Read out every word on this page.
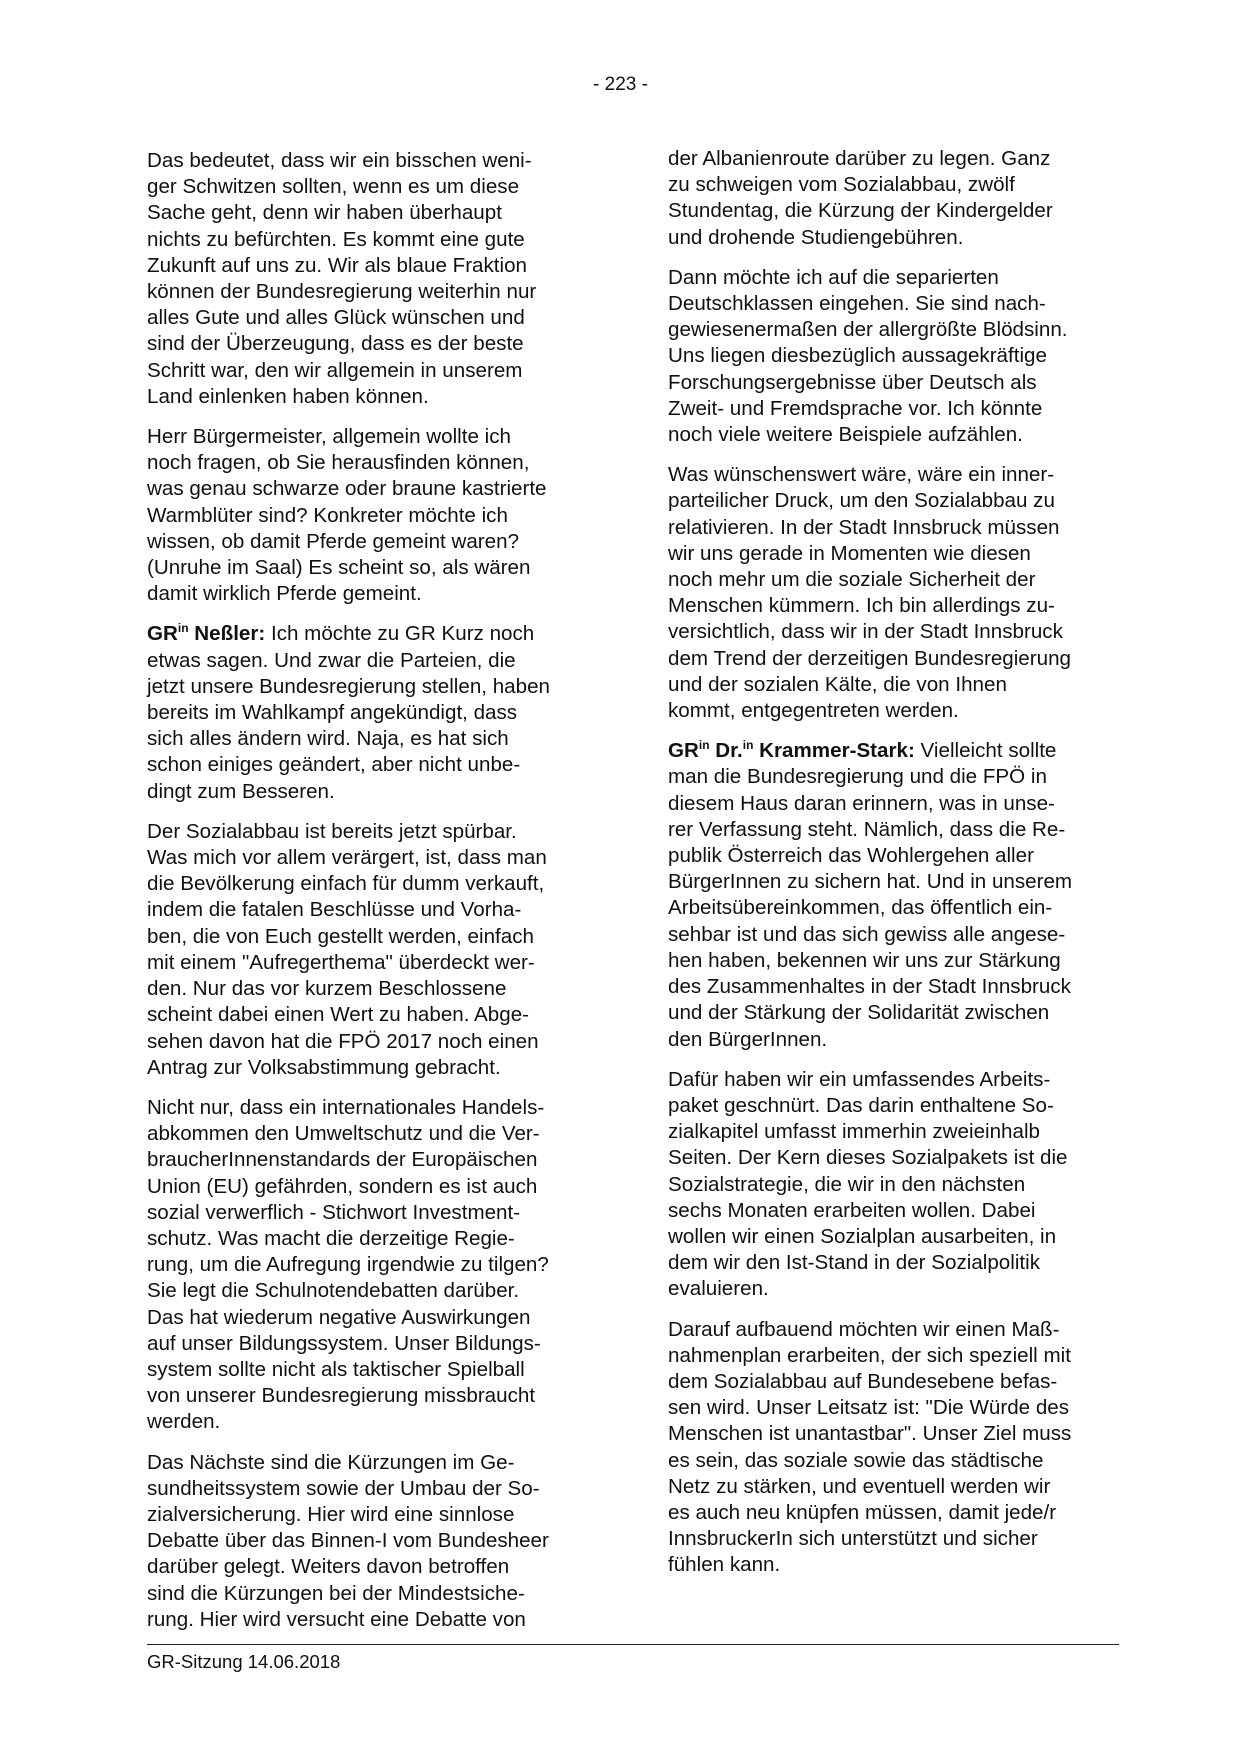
- 223 -

Das bedeutet, dass wir ein bisschen weni-
ger Schwitzen sollten, wenn es um diese
Sache geht, denn wir haben überhaupt
nichts zu befürchten. Es kommt eine gute
Zukunft auf uns zu. Wir als blaue Fraktion
können der Bundesregierung weiterhin nur
alles Gute und alles Glück wünschen und
sind der Überzeugung, dass es der beste
Schritt war, den wir allgemein in unserem
Land einlenken haben können.

Herr Bürgermeister, allgemein wollte ich
noch fragen, ob Sie herausfinden können,
was genau schwarze oder braune kastrierte
Warmblüter sind? Konkreter möchte ich
wissen, ob damit Pferde gemeint waren?
(Unruhe im Saal) Es scheint so, als wären
damit wirklich Pferde gemeint.

$GR^{in}$ Neßler: Ich möchte zu GR Kurz noch
etwas sagen. Und zwar die Parteien, die
jetzt unsere Bundesregierung stellen, haben
bereits im Wahlkampf angekündigt, dass
sich alles ändern wird. Naja, es hat sich
schon einiges geändert, aber nicht unbe-
dingt zum Besseren.

Der Sozialabbau ist bereits jetzt spürbar.
Was mich vor allem verärgert, ist, dass man
die Bevölkerung einfach für dumm verkauft,
indem die fatalen Beschlüsse und Vorha-
ben, die von Euch gestellt werden, einfach
mit einem "Aufregerthema" überdeckt wer-
den. Nur das vor kurzem Beschlossene
scheint dabei einen Wert zu haben. Abge-
sehen davon hat die FPÖ 2017 noch einen
Antrag zur Volksabstimmung gebracht.

Nicht nur, dass ein internationales Handels-
abkommen den Umweltschutz und die Ver-
braucherInnenstandards der Europäischen
Union (EU) gefährden, sondern es ist auch
sozial verwerflich - Stichwort Investment-
schutz. Was macht die derzeitige Regie-
rung, um die Aufregung irgendwie zu tilgen?
Sie legt die Schulnotendebatten darüber.
Das hat wiederum negative Auswirkungen
auf unser Bildungssystem. Unser Bildungs-
system sollte nicht als taktischer Spielball
von unserer Bundesregierung missbraucht
werden.

Das Nächste sind die Kürzungen im Ge-
sundheitssystem sowie der Umbau der So-
zialversicherung. Hier wird eine sinnlose
Debatte über das Binnen-I vom Bundesheer
darüber gelegt. Weiters davon betroffen
sind die Kürzungen bei der Mindestsiche-
rung. Hier wird versucht eine Debatte von

der Albanienroute darüber zu legen. Ganz
zu schweigen vom Sozialabbau, zwölf
Stundentag, die Kürzung der Kindergelder
und drohende Studiengebühren.

Dann möchte ich auf die separierten
Deutschklassen eingehen. Sie sind nach-
gewiesenermaßen der allergrößte Blödsinn.
Uns liegen diesbezüglich aussagekräftige
Forschungsergebnisse über Deutsch als
Zweit- und Fremdsprache vor. Ich könnte
noch viele weitere Beispiele aufzählen.

Was wünschenswert wäre, wäre ein inner-
parteilicher Druck, um den Sozialabbau zu
relativieren. In der Stadt Innsbruck müssen
wir uns gerade in Momenten wie diesen
noch mehr um die soziale Sicherheit der
Menschen kümmern. Ich bin allerdings zu-
versichtlich, dass wir in der Stadt Innsbruck
dem Trend der derzeitigen Bundesregierung
und der sozialen Kälte, die von Ihnen
kommt, entgegentreten werden.

$GR^{in}$ Dr.$^{in}$ Krammer-Stark: Vielleicht sollte
man die Bundesregierung und die FPÖ in
diesem Haus daran erinnern, was in unse-
rer Verfassung steht. Nämlich, dass die Re-
publik Österreich das Wohlergehen aller
BürgerInnen zu sichern hat. Und in unserem
Arbeitsübereinkommen, das öffentlich ein-
sehbar ist und das sich gewiss alle angese-
hen haben, bekennen wir uns zur Stärkung
des Zusammenhaltes in der Stadt Innsbruck
und der Stärkung der Solidarität zwischen
den BürgerInnen.

Dafür haben wir ein umfassendes Arbeits-
paket geschnürt. Das darin enthaltene So-
zialkapitel umfasst immerhin zweieinhalb
Seiten. Der Kern dieses Sozialpakets ist die
Sozialstrategie, die wir in den nächsten
sechs Monaten erarbeiten wollen. Dabei
wollen wir einen Sozialplan ausarbeiten, in
dem wir den Ist-Stand in der Sozialpolitik
evaluieren.

Darauf aufbauend möchten wir einen Maß-
nahmenplan erarbeiten, der sich speziell mit
dem Sozialabbau auf Bundesebene befas-
sen wird. Unser Leitsatz ist: "Die Würde des
Menschen ist unantastbar". Unser Ziel muss
es sein, das soziale sowie das städtische
Netz zu stärken, und eventuell werden wir
es auch neu knüpfen müssen, damit jede/r
InnsbruckerIn sich unterstützt und sicher
fühlen kann.

GR-Sitzung 14.06.2018
